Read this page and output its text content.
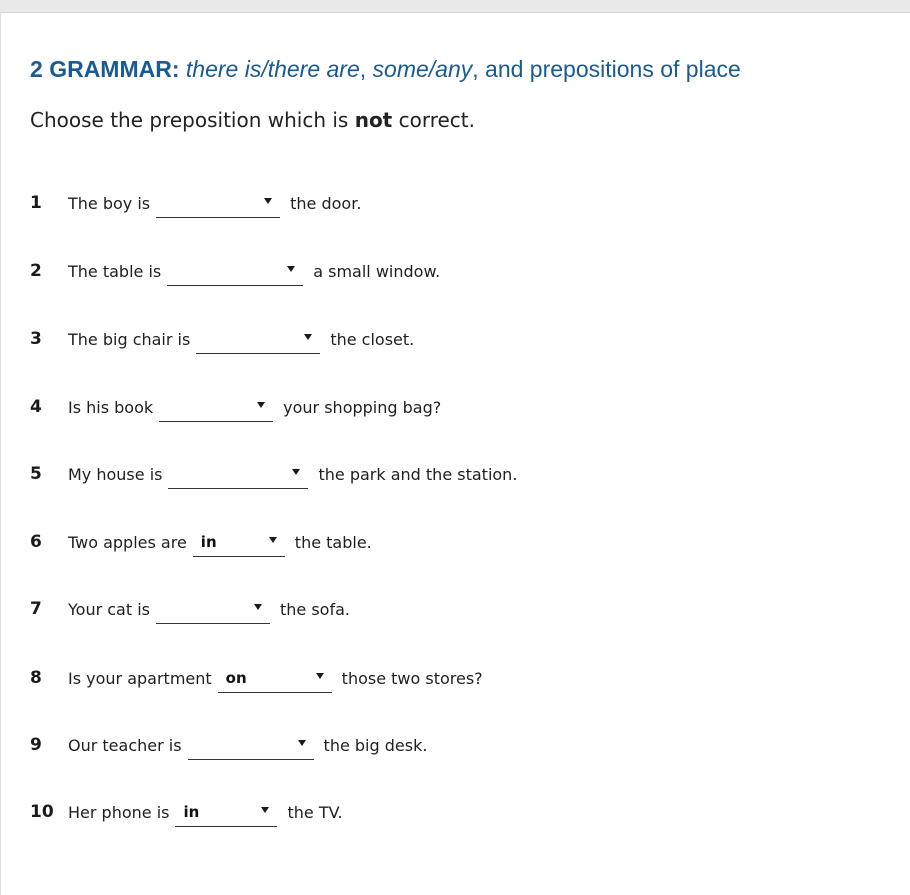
2 GRAMMAR: there is/there are, some/any, and prepositions of place
Choose the preposition which is not correct.
1	The boy is	the door.
2	The table is	a small window.
3	The big chair is	the closet.
4	Is his book	your shopping bag?
5	My house is	the park and the station.
6	Two apples are in	the table.
7	Your cat is	the sofa.
8	Is your apartment on	those two stores?
9	Our teacher is	the big desk.
10 Her phone is in	the TV.
